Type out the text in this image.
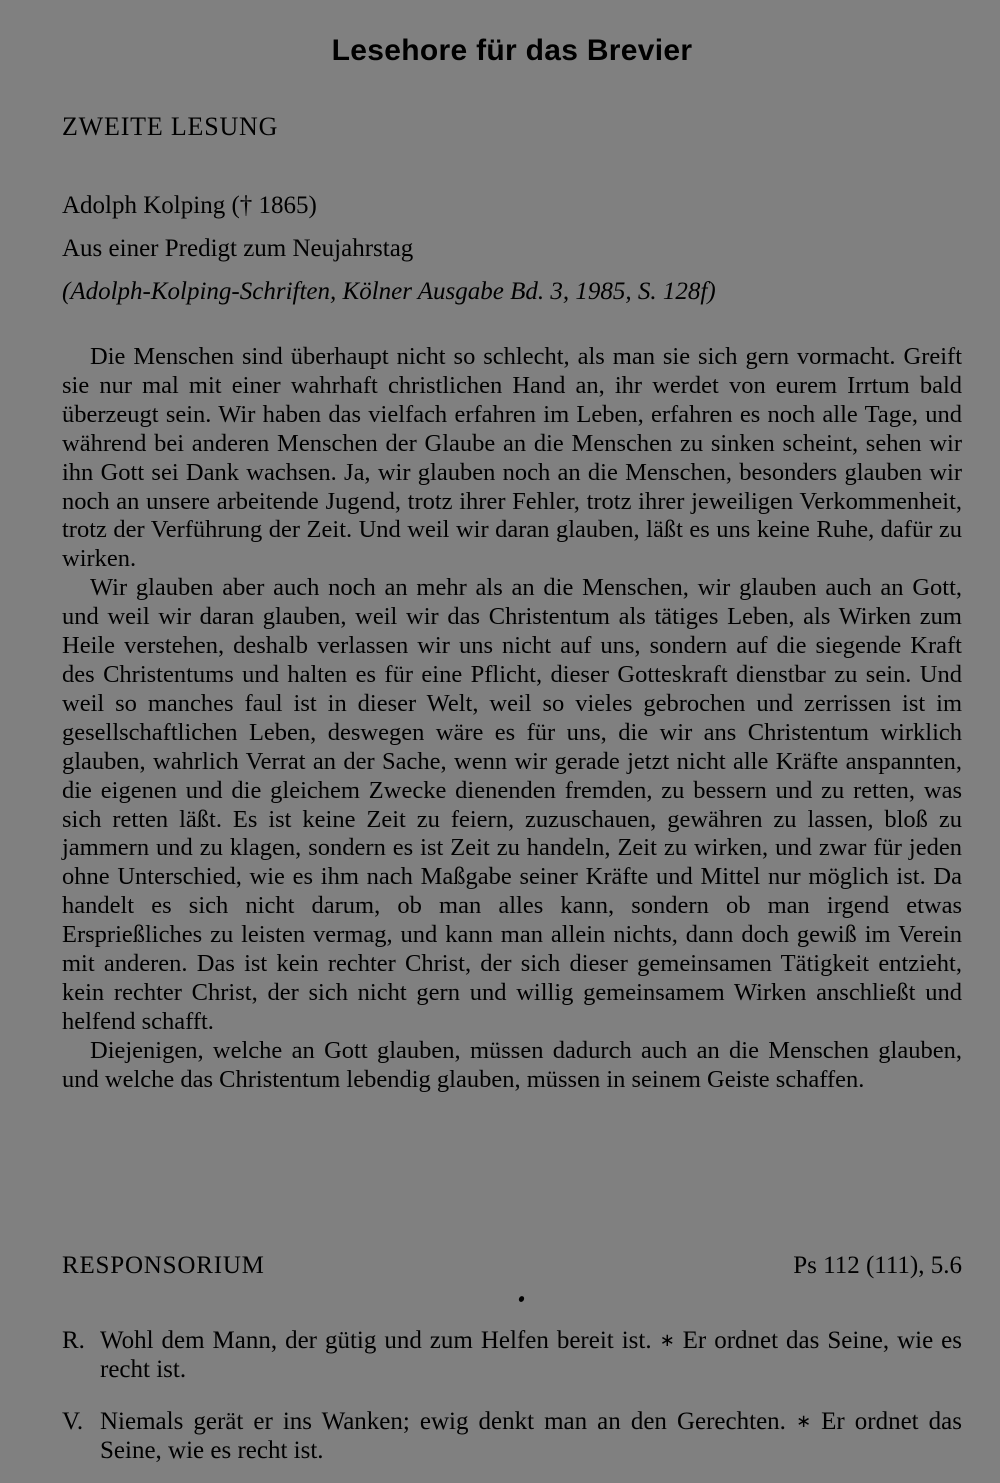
Lesehore für das Brevier
ZWEITE LESUNG
Adolph Kolping († 1865)
Aus einer Predigt zum Neujahrstag
(Adolph-Kolping-Schriften, Kölner Ausgabe Bd. 3, 1985, S. 128f)

Die Menschen sind überhaupt nicht so schlecht, als man sie sich gern vormacht. Greift sie nur mal mit einer wahrhaft christlichen Hand an, ihr werdet von eurem Irrtum bald überzeugt sein. Wir haben das vielfach erfahren im Leben, erfahren es noch alle Tage, und während bei anderen Menschen der Glaube an die Menschen zu sinken scheint, sehen wir ihn Gott sei Dank wachsen. Ja, wir glauben noch an die Menschen, besonders glauben wir noch an unsere arbeitende Jugend, trotz ihrer Fehler, trotz ihrer jeweiligen Verkommenheit, trotz der Verführung der Zeit. Und weil wir daran glauben, läßt es uns keine Ruhe, dafür zu wirken.

Wir glauben aber auch noch an mehr als an die Menschen, wir glauben auch an Gott, und weil wir daran glauben, weil wir das Christentum als tätiges Leben, als Wirken zum Heile verstehen, deshalb verlassen wir uns nicht auf uns, sondern auf die siegende Kraft des Christentums und halten es für eine Pflicht, dieser Gotteskraft dienstbar zu sein. Und weil so manches faul ist in dieser Welt, weil so vieles gebrochen und zerrissen ist im gesellschaftlichen Leben, deswegen wäre es für uns, die wir ans Christentum wirklich glauben, wahrlich Verrat an der Sache, wenn wir gerade jetzt nicht alle Kräfte anspannten, die eigenen und die gleichem Zwecke dienenden fremden, zu bessern und zu retten, was sich retten läßt. Es ist keine Zeit zu feiern, zuzuschauen, gewähren zu lassen, bloß zu jammern und zu klagen, sondern es ist Zeit zu handeln, Zeit zu wirken, und zwar für jeden ohne Unterschied, wie es ihm nach Maßgabe seiner Kräfte und Mittel nur möglich ist. Da handelt es sich nicht darum, ob man alles kann, sondern ob man irgend etwas Ersprießliches zu leisten vermag, und kann man allein nichts, dann doch gewiß im Verein mit anderen. Das ist kein rechter Christ, der sich dieser gemeinsamen Tätigkeit entzieht, kein rechter Christ, der sich nicht gern und willig gemeinsamem Wirken anschließt und helfend schafft.

Diejenigen, welche an Gott glauben, müssen dadurch auch an die Menschen glauben, und welche das Christentum lebendig glauben, müssen in seinem Geiste schaffen.

RESPONSORIUM	Ps 112 (111), 5.6
R. Wohl dem Mann, der gütig und zum Helfen bereit ist. ∗ Er ordnet das Seine, wie es recht ist.
V. Niemals gerät er ins Wanken; ewig denkt man an den Gerechten. ∗ Er ordnet das Seine, wie es recht ist.
